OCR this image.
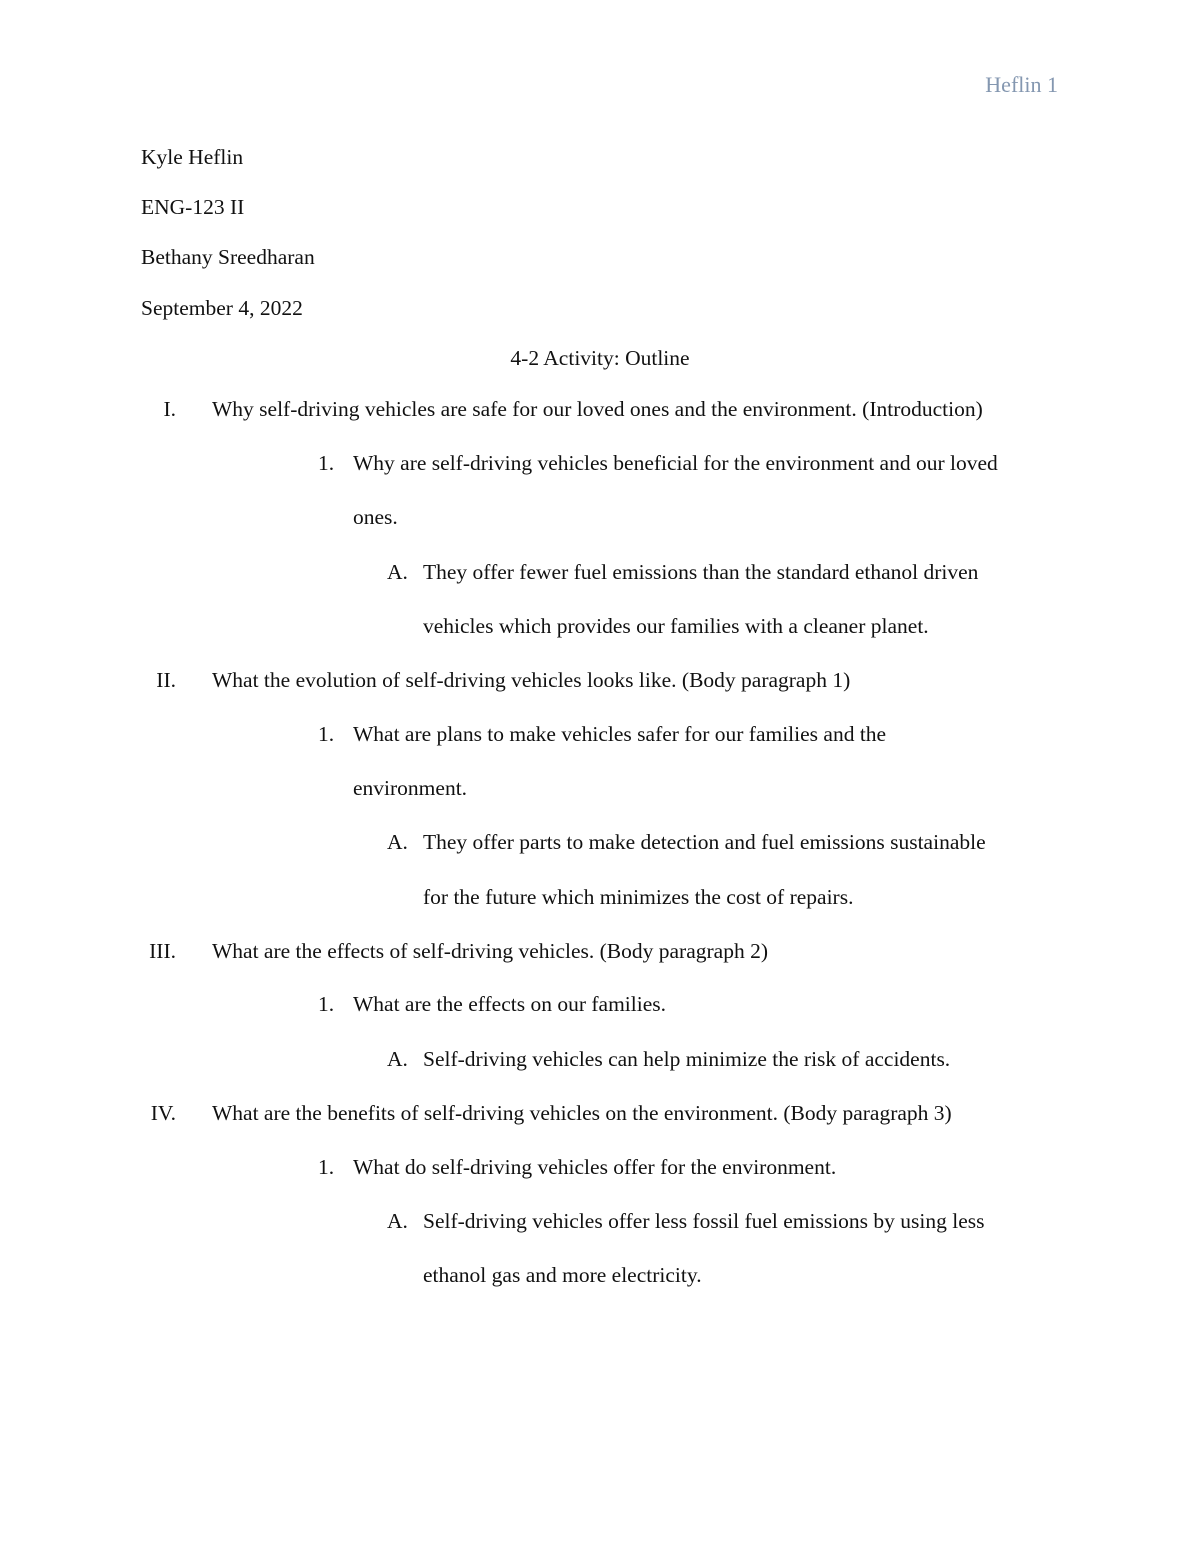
Heflin 1
Kyle Heflin
ENG-123 II
Bethany Sreedharan
September 4, 2022
4-2 Activity: Outline
I. Why self-driving vehicles are safe for our loved ones and the environment. (Introduction)
1. Why are self-driving vehicles beneficial for the environment and our loved
ones.
A. They offer fewer fuel emissions than the standard ethanol driven
vehicles which provides our families with a cleaner planet.
II. What the evolution of self-driving vehicles looks like. (Body paragraph 1)
1. What are plans to make vehicles safer for our families and the
environment.
A. They offer parts to make detection and fuel emissions sustainable
for the future which minimizes the cost of repairs.
III. What are the effects of self-driving vehicles. (Body paragraph 2)
1. What are the effects on our families.
A. Self-driving vehicles can help minimize the risk of accidents.
IV. What are the benefits of self-driving vehicles on the environment. (Body paragraph 3)
1. What do self-driving vehicles offer for the environment.
A. Self-driving vehicles offer less fossil fuel emissions by using less
ethanol gas and more electricity.
